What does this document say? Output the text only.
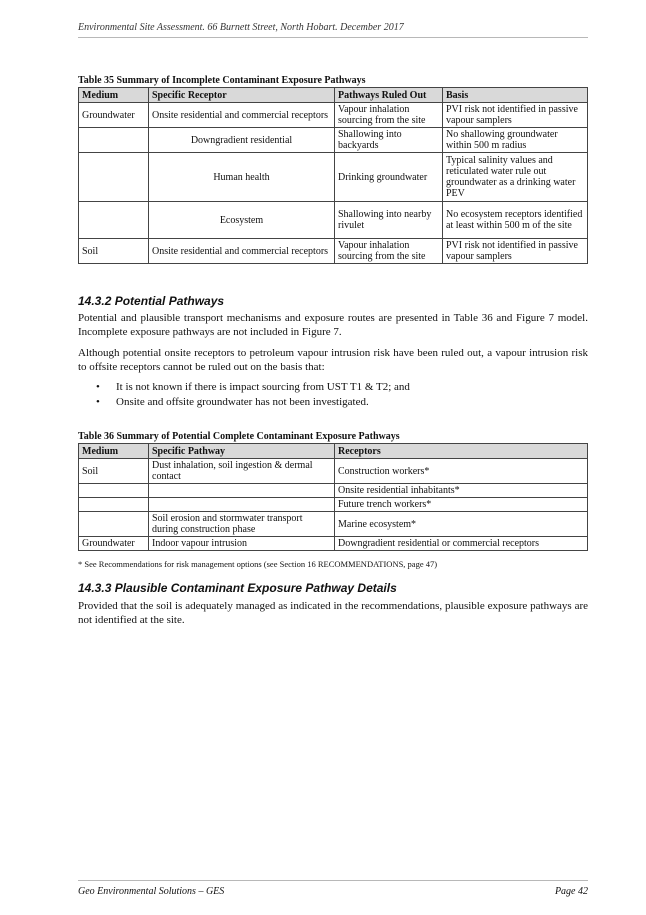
Environmental Site Assessment. 66 Burnett Street, North Hobart. December 2017
Table 35 Summary of Incomplete Contaminant Exposure Pathways
Medium	Specific Receptor	Pathways Ruled Out	Basis
Groundwater	Onsite residential and commercial receptors	Vapour inhalation sourcing from the site	PVI risk not identified in passive vapour samplers
	Downgradient residential	Shallowing into backyards	No shallowing groundwater within 500 m radius
	Human health	Drinking groundwater	Typical salinity values and reticulated water rule out groundwater as a drinking water PEV
	Ecosystem	Shallowing into nearby rivulet	No ecosystem receptors identified at least within 500 m of the site
Soil	Onsite residential and commercial receptors	Vapour inhalation sourcing from the site	PVI risk not identified in passive vapour samplers
14.3.2 Potential Pathways
Potential and plausible transport mechanisms and exposure routes are presented in Table 36 and Figure 7 model. Incomplete exposure pathways are not included in Figure 7.
Although potential onsite receptors to petroleum vapour intrusion risk have been ruled out, a vapour intrusion risk to offsite receptors cannot be ruled out on the basis that:
• It is not known if there is impact sourcing from UST T1 & T2; and
• Onsite and offsite groundwater has not been investigated.
Table 36 Summary of Potential Complete Contaminant Exposure Pathways
Medium	Specific Pathway	Receptors
Soil	Dust inhalation, soil ingestion & dermal contact	Construction workers*
		Onsite residential inhabitants*
		Future trench workers*
	Soil erosion and stormwater transport during construction phase	Marine ecosystem*
Groundwater	Indoor vapour intrusion	Downgradient residential or commercial receptors
* See Recommendations for risk management options (see Section 16 RECOMMENDATIONS, page 47)
14.3.3 Plausible Contaminant Exposure Pathway Details
Provided that the soil is adequately managed as indicated in the recommendations, plausible exposure pathways are not identified at the site.
Geo Environmental Solutions – GES	Page 42
